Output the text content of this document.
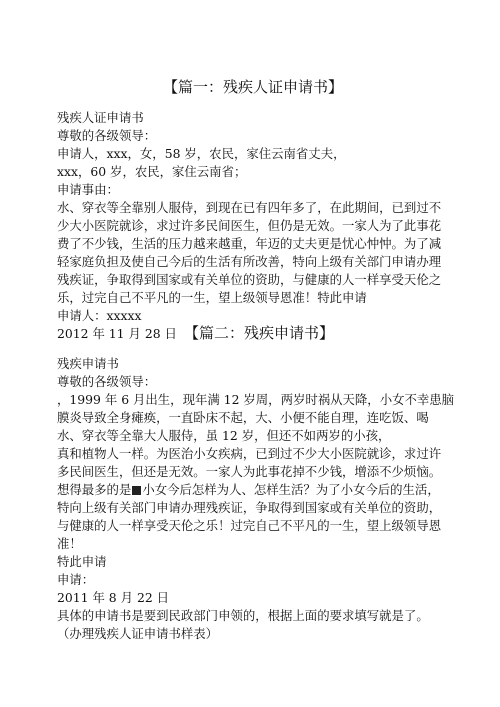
【篇一：残疾人证申请书】
残疾人证申请书
尊敬的各级领导：
申请人，xxx，女，58 岁，农民，家住云南省丈夫，
xxx，60 岁，农民，家住云南省；
申请事由：
水、穿衣等全靠别人服侍，到现在已有四年多了，在此期间，已到过不
少大小医院就诊，求过许多民间医生，但仍是无效。一家人为了此事花
费了不少钱，生活的压力越来越重，年迈的丈夫更是忧心忡忡。为了减
轻家庭负担及使自己今后的生活有所改善，特向上级有关部门申请办理
残疾证，争取得到国家或有关单位的资助，与健康的人一样享受天伦之
乐，过完自己不平凡的一生，望上级领导恩准！特此申请
申请人：xxxxx
2012 年 11 月 28 日 【篇二：残疾申请书】
残疾申请书
尊敬的各级领导：
，1999 年 6 月出生，现年满 12 岁周，两岁时祸从天降，小女不幸患脑
膜炎导致全身瘫痪，一直卧床不起，大、小便不能自理，连吃饭、喝
水、穿衣等全靠大人服侍，虽 12 岁，但还不如两岁的小孩，
真和植物人一样。为医治小女疾病，已到过不少大小医院就诊，求过许
多民间医生，但还是无效。一家人为此事花掉不少钱，增添不少烦恼。
想得最多的是 小女今后怎样为人、怎样生活？为了小女今后的生活，
特向上级有关部门申请办理残疾证，争取得到国家或有关单位的资助，
与健康的人一样享受天伦之乐！过完自己不平凡的一生，望上级领导恩
准！
特此申请
申请：
2011 年 8 月 22 日
具体的申请书是要到民政部门申领的，根据上面的要求填写就是了。
（办理残疾人证申请书样表）
